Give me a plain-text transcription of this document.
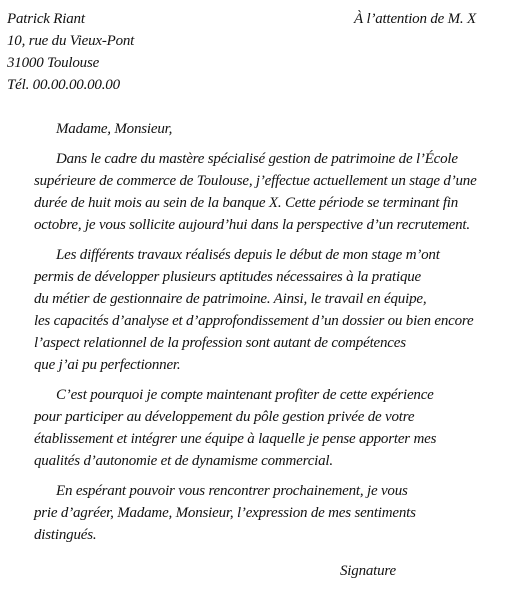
Patrick Riant
10, rue du Vieux-Pont
31000 Toulouse
Tél. 00.00.00.00.00
À l’attention de M. X
Madame, Monsieur,
Dans le cadre du mastère spécialisé gestion de patrimoine de l’École
supérieure de commerce de Toulouse, j’effectue actuellement un stage d’une
durée de huit mois au sein de la banque X. Cette période se terminant fin
octobre, je vous sollicite aujourd’hui dans la perspective d’un recrutement.
Les différents travaux réalisés depuis le début de mon stage m’ont
permis de développer plusieurs aptitudes nécessaires à la pratique
du métier de gestionnaire de patrimoine. Ainsi, le travail en équipe,
les capacités d’analyse et d’approfondissement d’un dossier ou bien encore
l’aspect relationnel de la profession sont autant de compétences
que j’ai pu perfectionner.
C’est pourquoi je compte maintenant profiter de cette expérience
pour participer au développement du pôle gestion privée de votre
établissement et intégrer une équipe à laquelle je pense apporter mes
qualités d’autonomie et de dynamisme commercial.
En espérant pouvoir vous rencontrer prochainement, je vous
prie d’agréer, Madame, Monsieur, l’expression de mes sentiments
distingués.
Signature
